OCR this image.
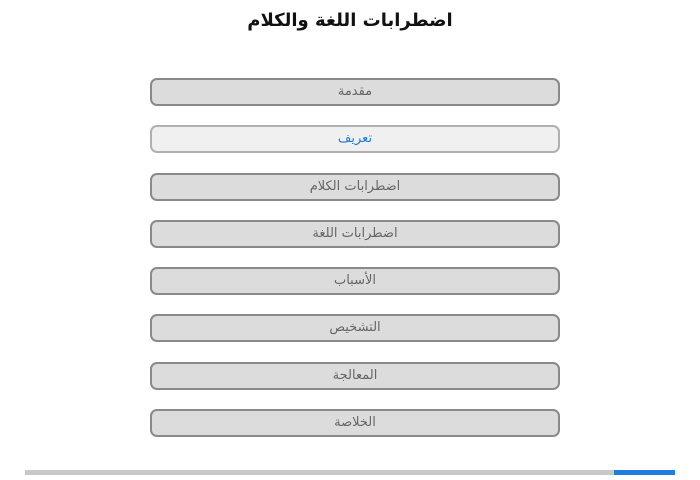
اضطرابات اللغة والكلام
مقدمة
تعريف
اضطرابات الكلام
اضطرابات اللغة
الأسباب
التشخيص
المعالجة
الخلاصة
